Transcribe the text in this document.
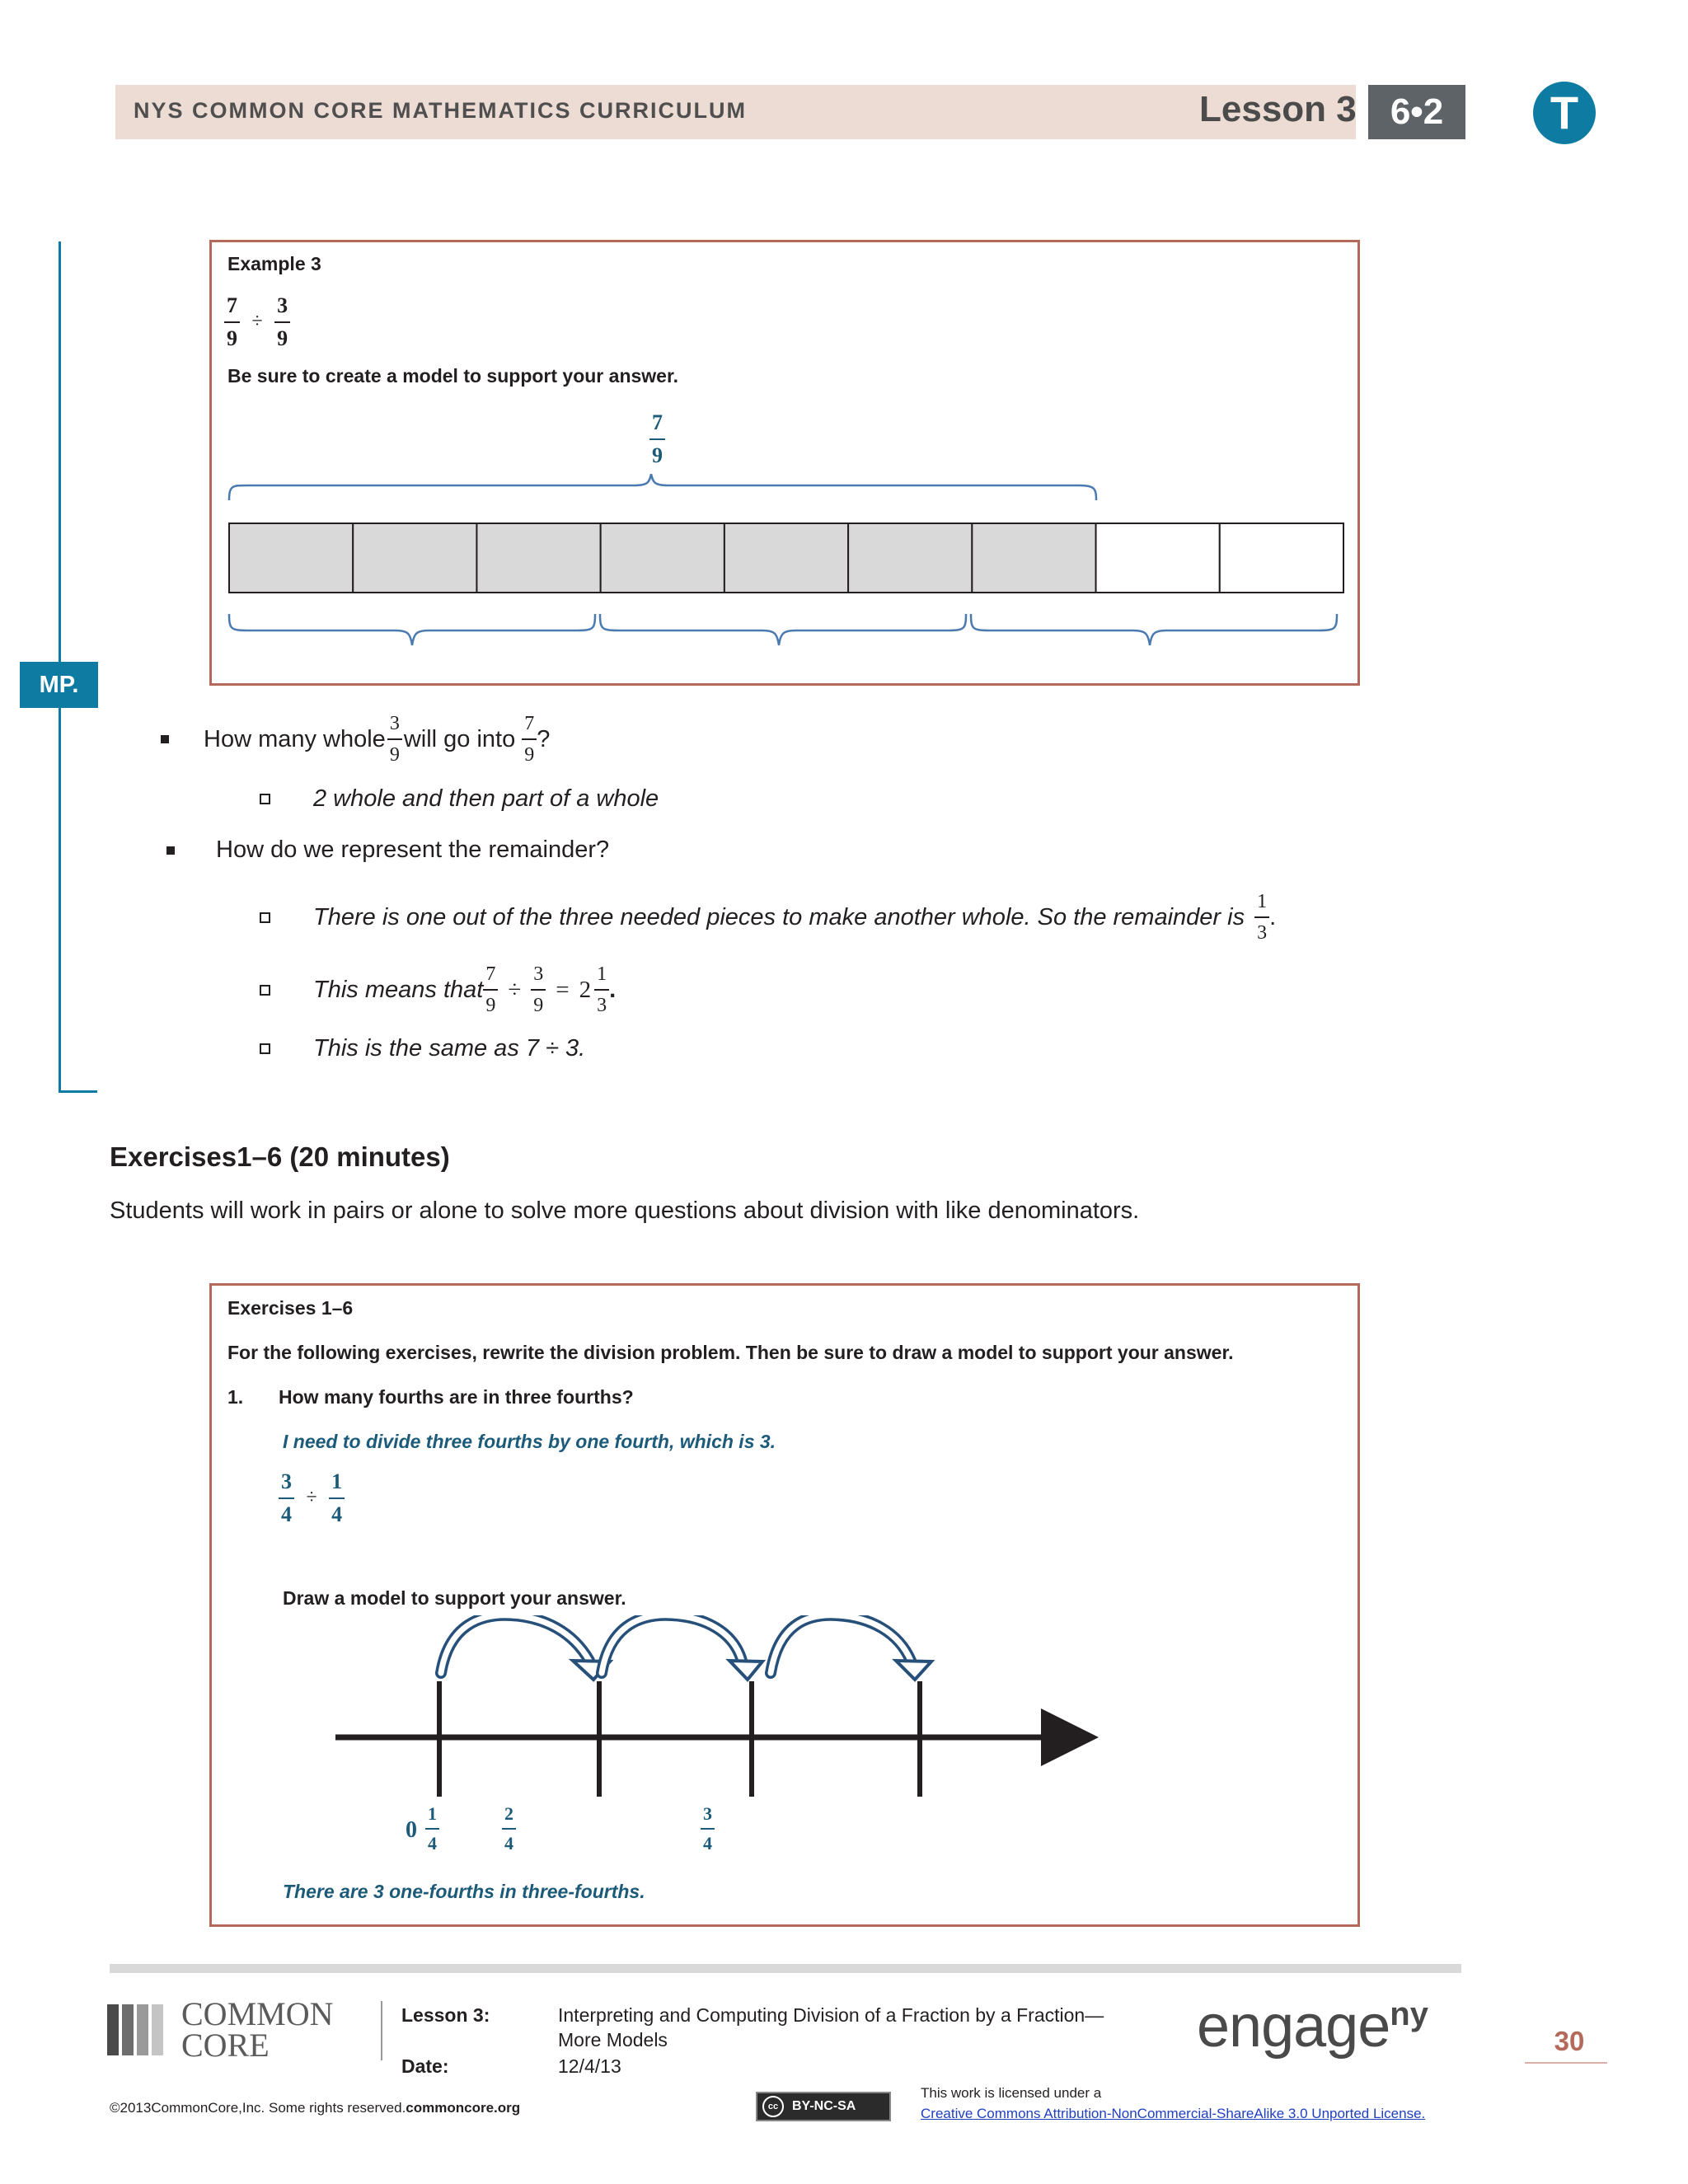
NYS COMMON CORE MATHEMATICS CURRICULUM	Lesson 3 6•2	T
MP.
Example 3
$\frac{7}{9} \div \frac{3}{9}$
Be sure to create a model to support your answer.
$\frac{7}{9}$
How many whole $\frac{3}{9}$ will go into $\frac{7}{9}$ ?
2 whole and then part of a whole
How do we represent the remainder?
There is one out of the three needed pieces to make another whole. So the remainder is $\frac{1}{3}$ .
This means that $\frac{7}{9} \div \frac{3}{9} = 2 \frac{1}{3}$ .
This is the same as 7 ÷ 3.
Exercises1–6 (20 minutes)
Students will work in pairs or alone to solve more questions about division with like denominators.
Exercises 1–6
For the following exercises, rewrite the division problem. Then be sure to draw a model to support your answer.
1. How many fourths are in three fourths?
I need to divide three fourths by one fourth, which is 3.
$\frac{3}{4} \div \frac{1}{4}$
Draw a model to support your answer.
$0 \frac{1}{4}$	$\frac{2}{4}$	$\frac{3}{4}$
There are 3 one-fourths in three-fourths.
COMMON
CORE
Lesson 3:	Interpreting and Computing Division of a Fraction by a Fraction—
More Models
Date:	12/4/13
©2013CommonCore,Inc. Some rights reserved.commoncore.org	cc	BY-NC-SA
This work is licensed under a
Creative Commons Attribution-NonCommercial-ShareAlike 3.0 Unported License.
engageny
30
